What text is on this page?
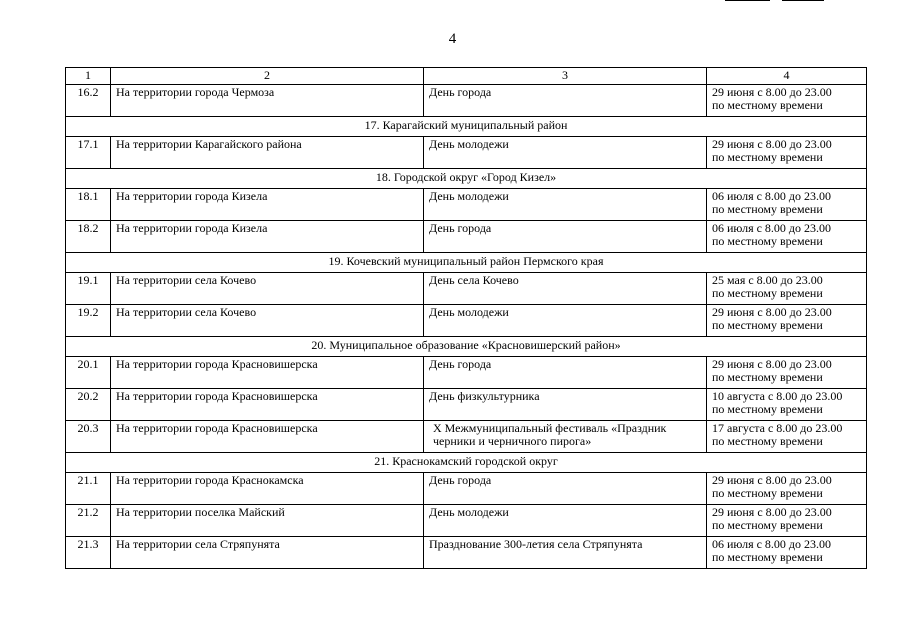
4
1	2	3	4
16.2	На территории города Чермоза	День города	29 июня с 8.00 до 23.00
по местному времени

17. Карагайский муниципальный район			
17.1	На территории Карагайского района	День молодежи	29 июня с 8.00 до 23.00
по местному времени

18. Городской округ «Город Кизел»			
18.1	На территории города Кизела	День молодежи	06 июля с 8.00 до 23.00
по местному времени

18.2	На территории города Кизела	День города	06 июля с 8.00 до 23.00
по местному времени

19. Кочевский муниципальный район Пермского края			
19.1	На территории села Кочево	День села Кочево	25 мая с 8.00 до 23.00
по местному времени

19.2	На территории села Кочево	День молодежи	29 июня с 8.00 до 23.00
по местному времени

20. Муниципальное образование «Красновишерский район»			
20.1	На территории города Красновишерска	День города	29 июня с 8.00 до 23.00
по местному времени

20.2	На территории города Красновишерска	День физкультурника	10 августа с 8.00 до 23.00
по местному времени

20.3	На территории города Красновишерска	X Межмуниципальный фестиваль «Праздник черники и черничного пирога»	17 августа с 8.00 до 23.00
по местному времени

21. Краснокамский городской округ			
21.1	На территории города Краснокамска	День города	29 июня с 8.00 до 23.00
по местному времени

21.2	На территории поселка Майский	День молодежи	29 июня с 8.00 до 23.00
по местному времени

21.3	На территории села Стряпунята	Празднование 300-летия села Стряпунята	06 июля с 8.00 до 23.00
по местному времени
